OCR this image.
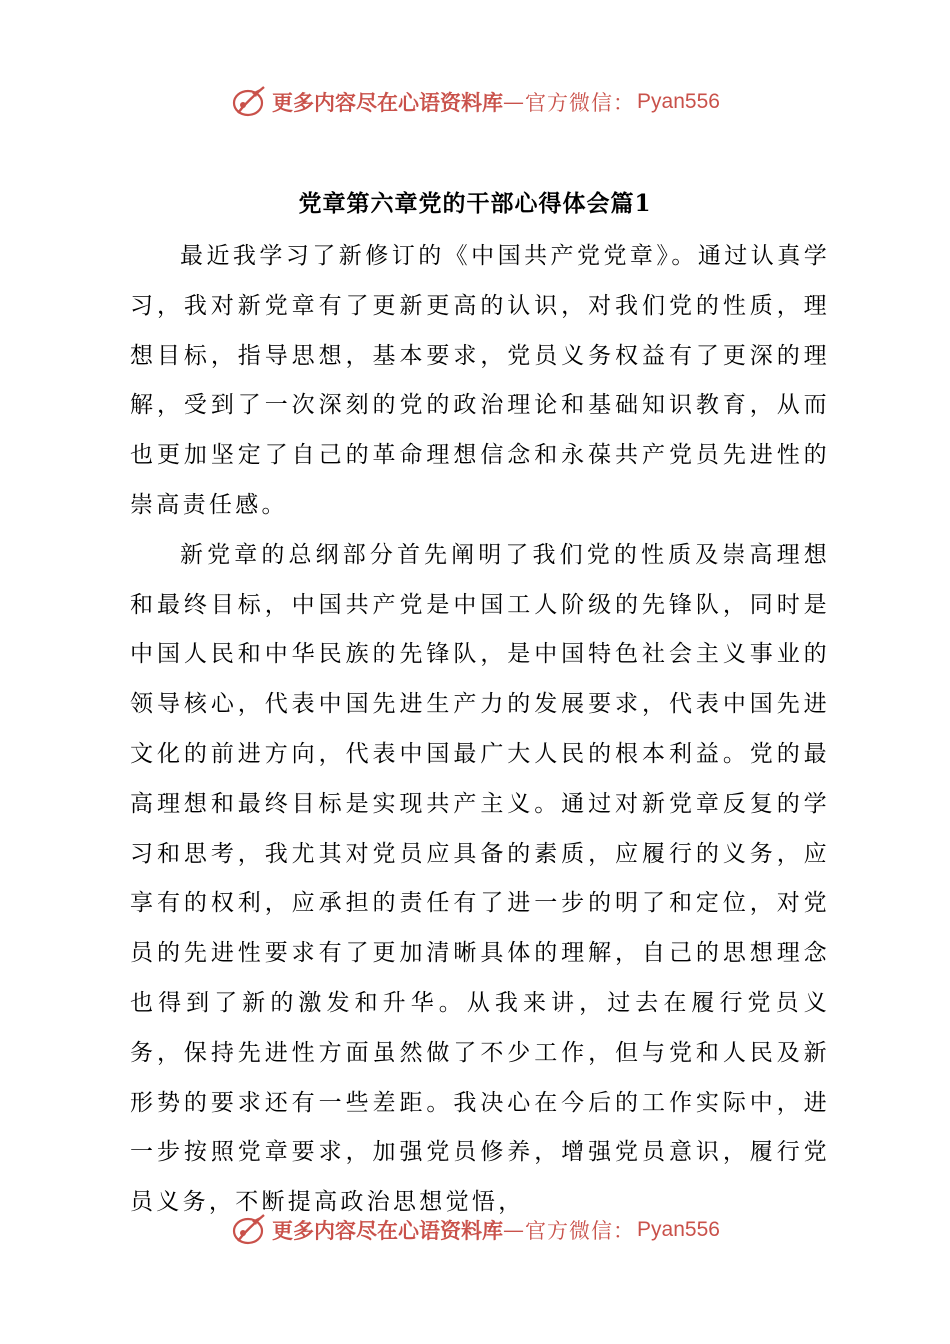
更多内容尽在心语资料库 — 官方微信： Pyan556
党章第六章党的干部心得体会篇1

最近我学习了新修订的《中国共产党党章》。通过认真学习，我对新党章有了更新更高的认识，对我们党的性质，理想目标，指导思想，基本要求，党员义务权益有了更深的理解，受到了一次深刻的党的政治理论和基础知识教育，从而也更加坚定了自己的革命理想信念和永葆共产党员先进性的崇高责任感。

新党章的总纲部分首先阐明了我们党的性质及崇高理想和最终目标，中国共产党是中国工人阶级的先锋队，同时是中国人民和中华民族的先锋队，是中国特色社会主义事业的领导核心，代表中国先进生产力的发展要求，代表中国先进文化的前进方向，代表中国最广大人民的根本利益。党的最高理想和最终目标是实现共产主义。通过对新党章反复的学习和思考，我尤其对党员应具备的素质，应履行的义务，应享有的权利，应承担的责任有了进一步的明了和定位，对党员的先进性要求有了更加清晰具体的理解，自己的思想理念也得到了新的激发和升华。从我来讲，过去在履行党员义务，保持先进性方面虽然做了不少工作，但与党和人民及新形势的要求还有一些差距。我决心在今后的工作实际中，进一步按照党章要求，加强党员修养，增强党员意识，履行党员义务，不断提高政治思想觉悟，

更多内容尽在心语资料库 — 官方微信： Pyan556
